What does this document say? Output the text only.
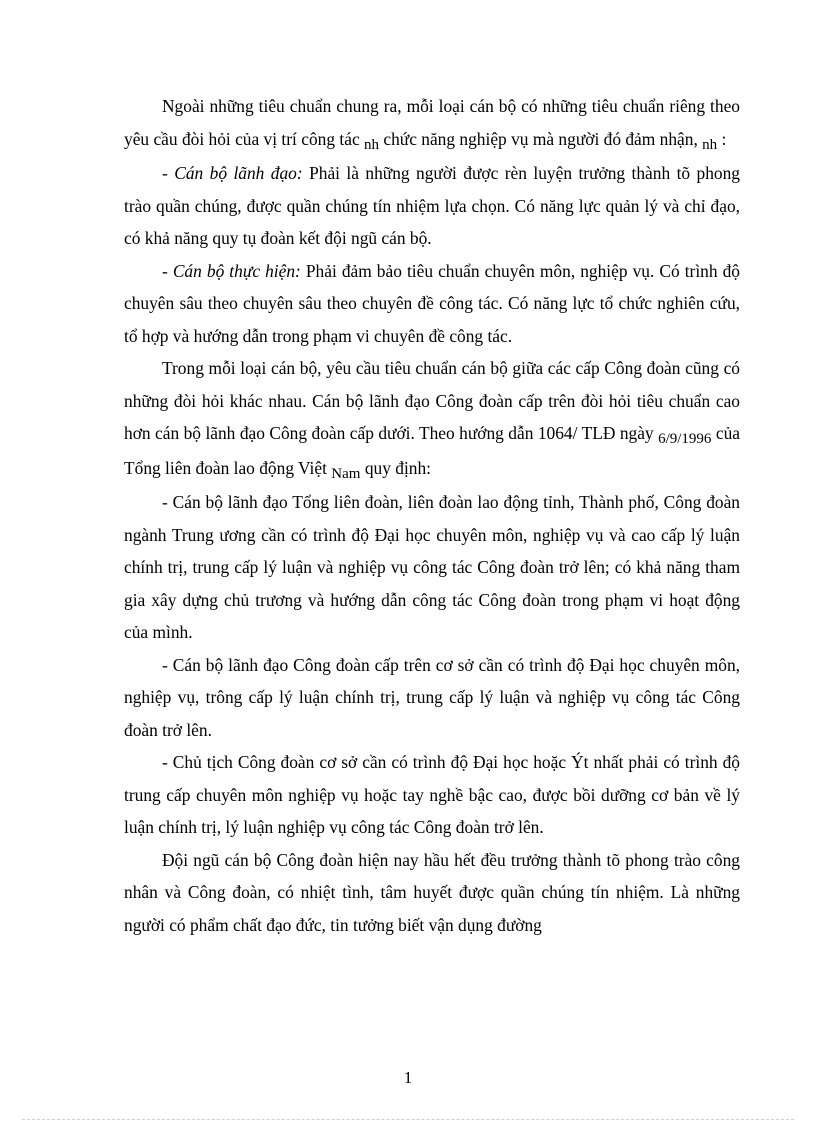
Ngoài những tiêu chuẩn chung ra, mỗi loại cán bộ có những tiêu chuẩn riêng theo yêu cầu đòi hỏi của vị trí công tác nh chức năng nghiệp vụ mà người đó đảm nhận, nh :

- Cán bộ lãnh đạo: Phải là những người được rèn luyện trưởng thành tõ phong trào quần chúng, được quần chúng tín nhiệm lựa chọn. Có năng lực quản lý và chỉ đạo, có khả năng quy tụ đoàn kết đội ngũ cán bộ.

- Cán bộ thực hiện: Phải đảm bảo tiêu chuẩn chuyên môn, nghiệp vụ. Có trình độ chuyên sâu theo chuyên sâu theo chuyên đề công tác. Có năng lực tổ chức nghiên cứu, tổ hợp và hướng dẫn trong phạm vi chuyên đề công tác.

Trong mỗi loại cán bộ, yêu cầu tiêu chuẩn cán bộ giữa các cấp Công đoàn cũng có những đòi hỏi khác nhau. Cán bộ lãnh đạo Công đoàn cấp trên đòi hỏi tiêu chuẩn cao hơn cán bộ lãnh đạo Công đoàn cấp dưới. Theo hướng dẫn 1064/ TLĐ ngày 6/9/1996 của Tổng liên đoàn lao động Việt Nam quy định:

- Cán bộ lãnh đạo Tổng liên đoàn, liên đoàn lao động tỉnh, Thành phố, Công đoàn ngành Trung ương cần có trình độ Đại học chuyên môn, nghiệp vụ và cao cấp lý luận chính trị, trung cấp lý luận và nghiệp vụ công tác Công đoàn trở lên; có khả năng tham gia xây dựng chủ trương và hướng dẫn công tác Công đoàn trong phạm vi hoạt động của mình.

- Cán bộ lãnh đạo Công đoàn cấp trên cơ sở cần có trình độ Đại học chuyên môn, nghiệp vụ, trông cấp lý luận chính trị, trung cấp lý luận và nghiệp vụ công tác Công đoàn trở lên.

- Chủ tịch Công đoàn cơ sở cần có trình độ Đại học hoặc Ýt nhất phải có trình độ trung cấp chuyên môn nghiệp vụ hoặc tay nghề bậc cao, được bồi dưỡng cơ bản về lý luận chính trị, lý luận nghiệp vụ công tác Công đoàn trở lên.

Đội ngũ cán bộ Công đoàn hiện nay hầu hết đều trưởng thành tõ phong trào công nhân và Công đoàn, có nhiệt tình, tâm huyết được quần chúng tín nhiệm. Là những người có phẩm chất đạo đức, tin tưởng biết vận dụng đường

1
